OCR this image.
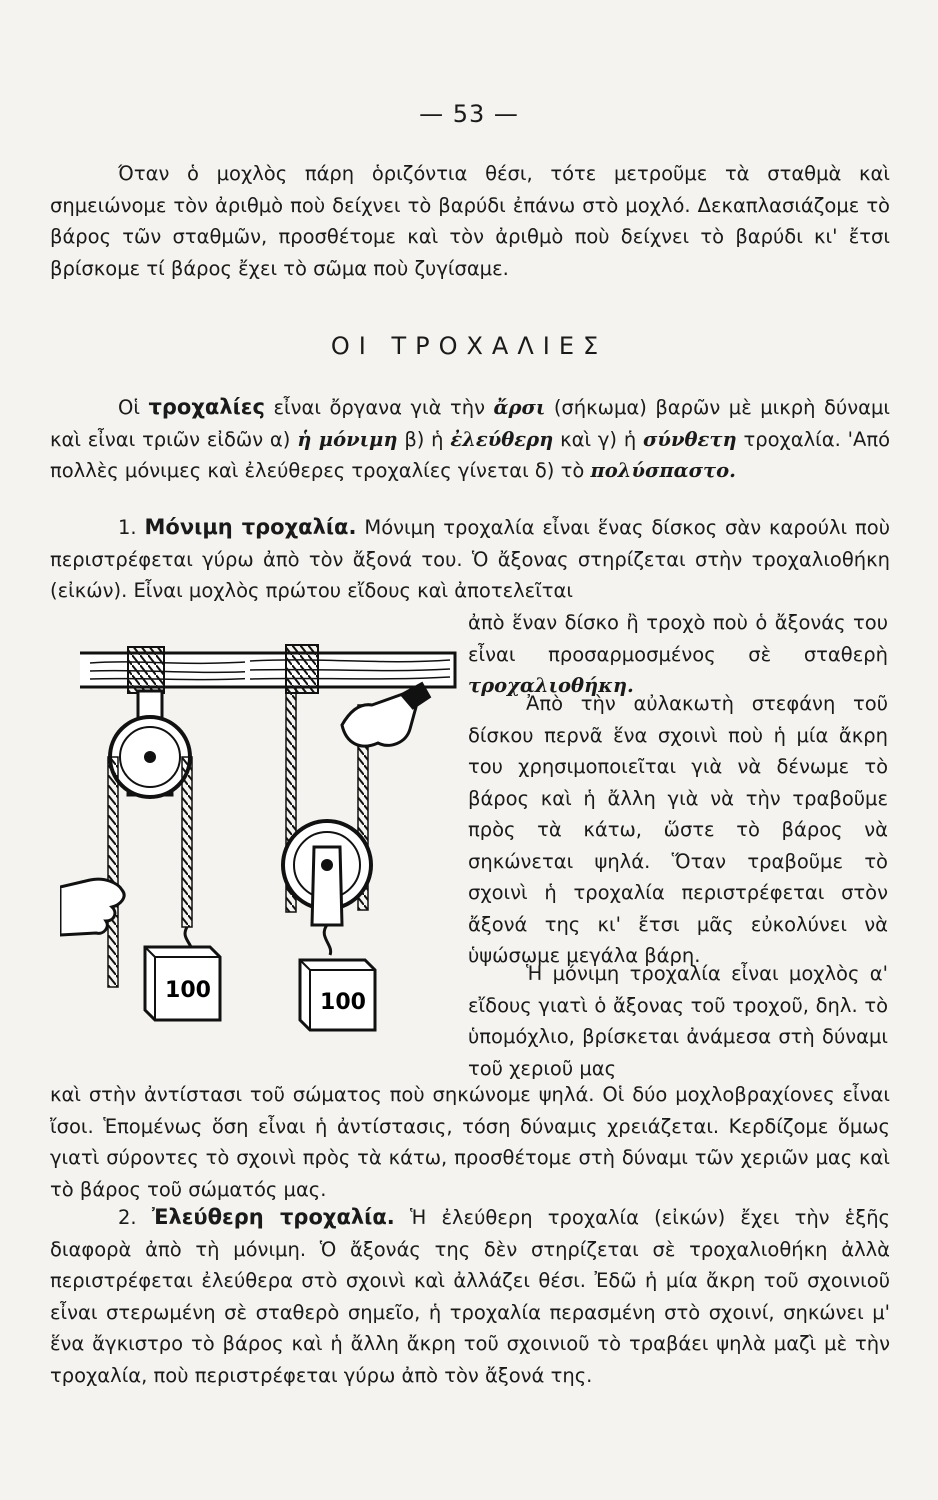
— 53 —
Όταν ὁ μοχλὸς πάρη ὁριζόντια θέσι, τότε μετροῦμε τὰ σταθμὰ καὶ σημειώνομε τὸν ἀριθμὸ ποὺ δείχνει τὸ βαρύδι ἐπάνω στὸ μοχλό. Δεκαπλασιάζομε τὸ βάρος τῶν σταθμῶν, προσθέτομε καὶ τὸν ἀριθμὸ ποὺ δείχνει τὸ βαρύδι κι' ἔτσι βρίσκομε τί βάρος ἔχει τὸ σῶμα ποὺ ζυγίσαμε.
ΟΙ ΤΡΟΧΑΛΙΕΣ
Οἱ τροχαλίες εἶναι ὄργανα γιὰ τὴν ἄρσι (σήκωμα) βαρῶν μὲ μικρὴ δύναμι καὶ εἶναι τριῶν εἰδῶν α) ἡ μόνιμη β) ἡ ἐλεύθερη καὶ γ) ἡ σύνθετη τροχαλία. 'Από πολλὲς μόνιμες καὶ ἐλεύθερες τροχαλίες γίνεται δ) τὸ πολύσπαστο.
1. Μόνιμη τροχαλία. Μόνιμη τροχαλία εἶναι ἕνας δίσκος σὰν καρούλι ποὺ περιστρέφεται γύρω ἀπὸ τὸν ἄξονά του. Ὁ ἄξονας στηρίζεται στὴν τροχαλιοθήκη (εἰκών). Εἶναι μοχλὸς πρώτου εἴδους καὶ ἀποτελεῖται
ἀπὸ ἕναν δίσκο ἢ τροχὸ ποὺ ὁ ἄξονάς του εἶναι προσαρμοσμένος σὲ σταθερὴ τροχαλιοθήκη.
Ἀπὸ τὴν αὐλακωτὴ στεφάνη τοῦ δίσκου περνᾶ ἕνα σχοινὶ ποὺ ἡ μία ἄκρη του χρησιμοποιεῖται γιὰ νὰ δένωμε τὸ βάρος καὶ ἡ ἄλλη γιὰ νὰ τὴν τραβοῦμε πρὸς τὰ κάτω, ὥστε τὸ βάρος νὰ σηκώνεται ψηλά. Ὅταν τραβοῦμε τὸ σχοινὶ ἡ τροχαλία περιστρέφεται στὸν ἄξονά της κι' ἔτσι μᾶς εὐκολύνει νὰ ὑψώσωμε μεγάλα βάρη.
Ἡ μόνιμη τροχαλία εἶναι μοχλὸς α' εἴδους γιατὶ ὁ ἄξονας τοῦ τροχοῦ, δηλ. τὸ ὑπομόχλιο, βρίσκεται ἀνάμεσα στὴ δύναμι τοῦ χεριοῦ μας
καὶ στὴν ἀντίστασι τοῦ σώματος ποὺ σηκώνομε ψηλά. Οἱ δύο μοχλοβραχίονες εἶναι ἴσοι. Ἑπομένως ὅση εἶναι ἡ ἀντίστασις, τόση δύναμις χρειάζεται. Κερδίζομε ὅμως γιατὶ σύροντες τὸ σχοινὶ πρὸς τὰ κάτω, προσθέτομε στὴ δύναμι τῶν χεριῶν μας καὶ τὸ βάρος τοῦ σώματός μας.
2. Ἐλεύθερη τροχαλία. Ἡ ἐλεύθερη τροχαλία (εἰκών) ἔχει τὴν ἑξῆς διαφορὰ ἀπὸ τὴ μόνιμη. Ὁ ἄξονάς της δὲν στηρίζεται σὲ τροχαλιοθήκη ἀλλὰ περιστρέφεται ἐλεύθερα στὸ σχοινὶ καὶ ἀλλάζει θέσι. Ἐδῶ ἡ μία ἄκρη τοῦ σχοινιοῦ εἶναι στερωμένη σὲ σταθερὸ σημεῖο, ἡ τροχαλία περασμένη στὸ σχοινί, σηκώνει μ' ἕνα ἄγκιστρο τὸ βάρος καὶ ἡ ἄλλη ἄκρη τοῦ σχοινιοῦ τὸ τραβάει ψηλὰ μαζὶ μὲ τὴν τροχαλία, ποὺ περιστρέφεται γύρω ἀπὸ τὸν ἄξονά της.
100	100
